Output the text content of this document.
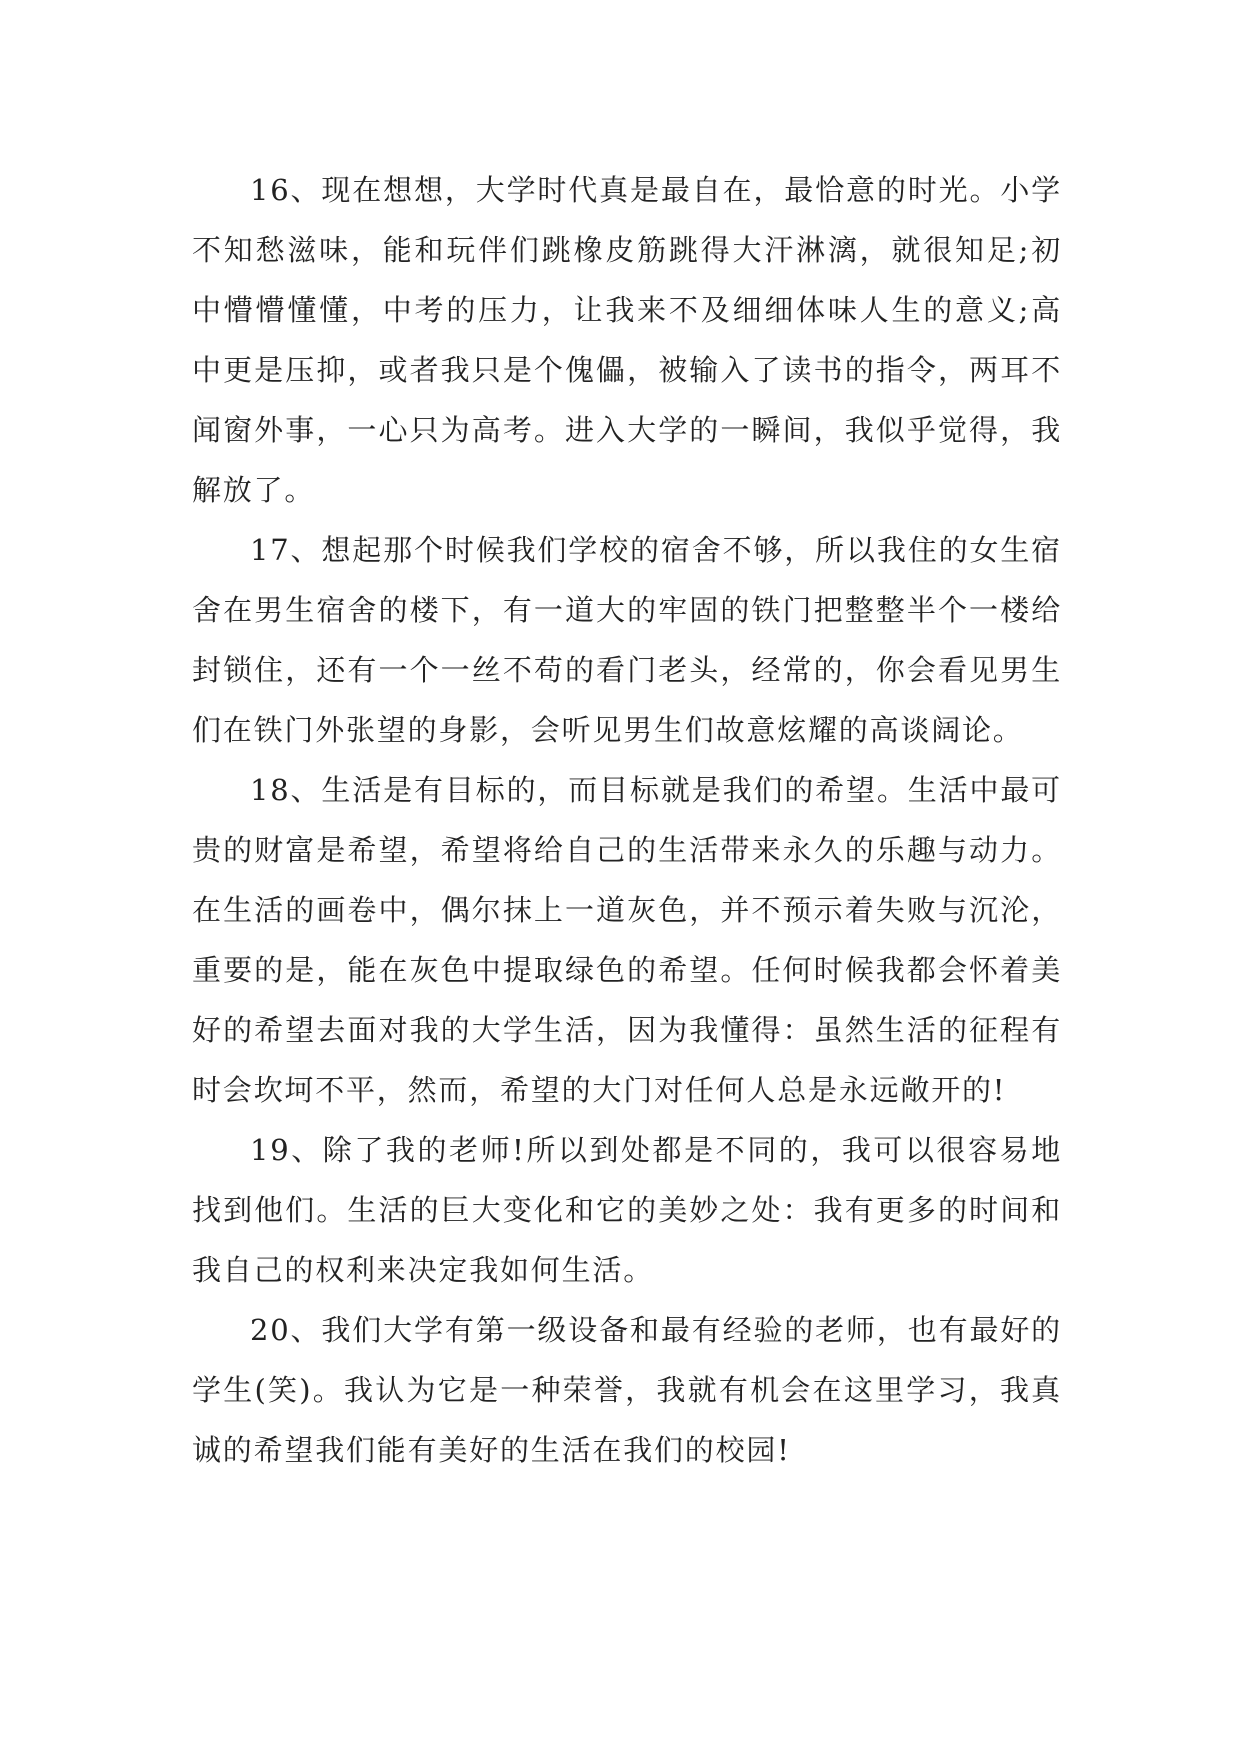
16、现在想想，大学时代真是最自在，最恰意的时光。小学不知愁滋味，能和玩伴们跳橡皮筋跳得大汗淋漓，就很知足;初中懵懵懂懂，中考的压力，让我来不及细细体味人生的意义;高中更是压抑，或者我只是个傀儡，被输入了读书的指令，两耳不闻窗外事，一心只为高考。进入大学的一瞬间，我似乎觉得，我解放了。

17、想起那个时候我们学校的宿舍不够，所以我住的女生宿舍在男生宿舍的楼下，有一道大的牢固的铁门把整整半个一楼给封锁住，还有一个一丝不苟的看门老头，经常的，你会看见男生们在铁门外张望的身影，会听见男生们故意炫耀的高谈阔论。

18、生活是有目标的，而目标就是我们的希望。生活中最可贵的财富是希望，希望将给自己的生活带来永久的乐趣与动力。在生活的画卷中，偶尔抹上一道灰色，并不预示着失败与沉沦，重要的是，能在灰色中提取绿色的希望。任何时候我都会怀着美好的希望去面对我的大学生活，因为我懂得：虽然生活的征程有时会坎坷不平，然而，希望的大门对任何人总是永远敞开的!

19、除了我的老师!所以到处都是不同的，我可以很容易地找到他们。生活的巨大变化和它的美妙之处：我有更多的时间和我自己的权利来决定我如何生活。

20、我们大学有第一级设备和最有经验的老师，也有最好的学生(笑)。我认为它是一种荣誉，我就有机会在这里学习，我真诚的希望我们能有美好的生活在我们的校园!
